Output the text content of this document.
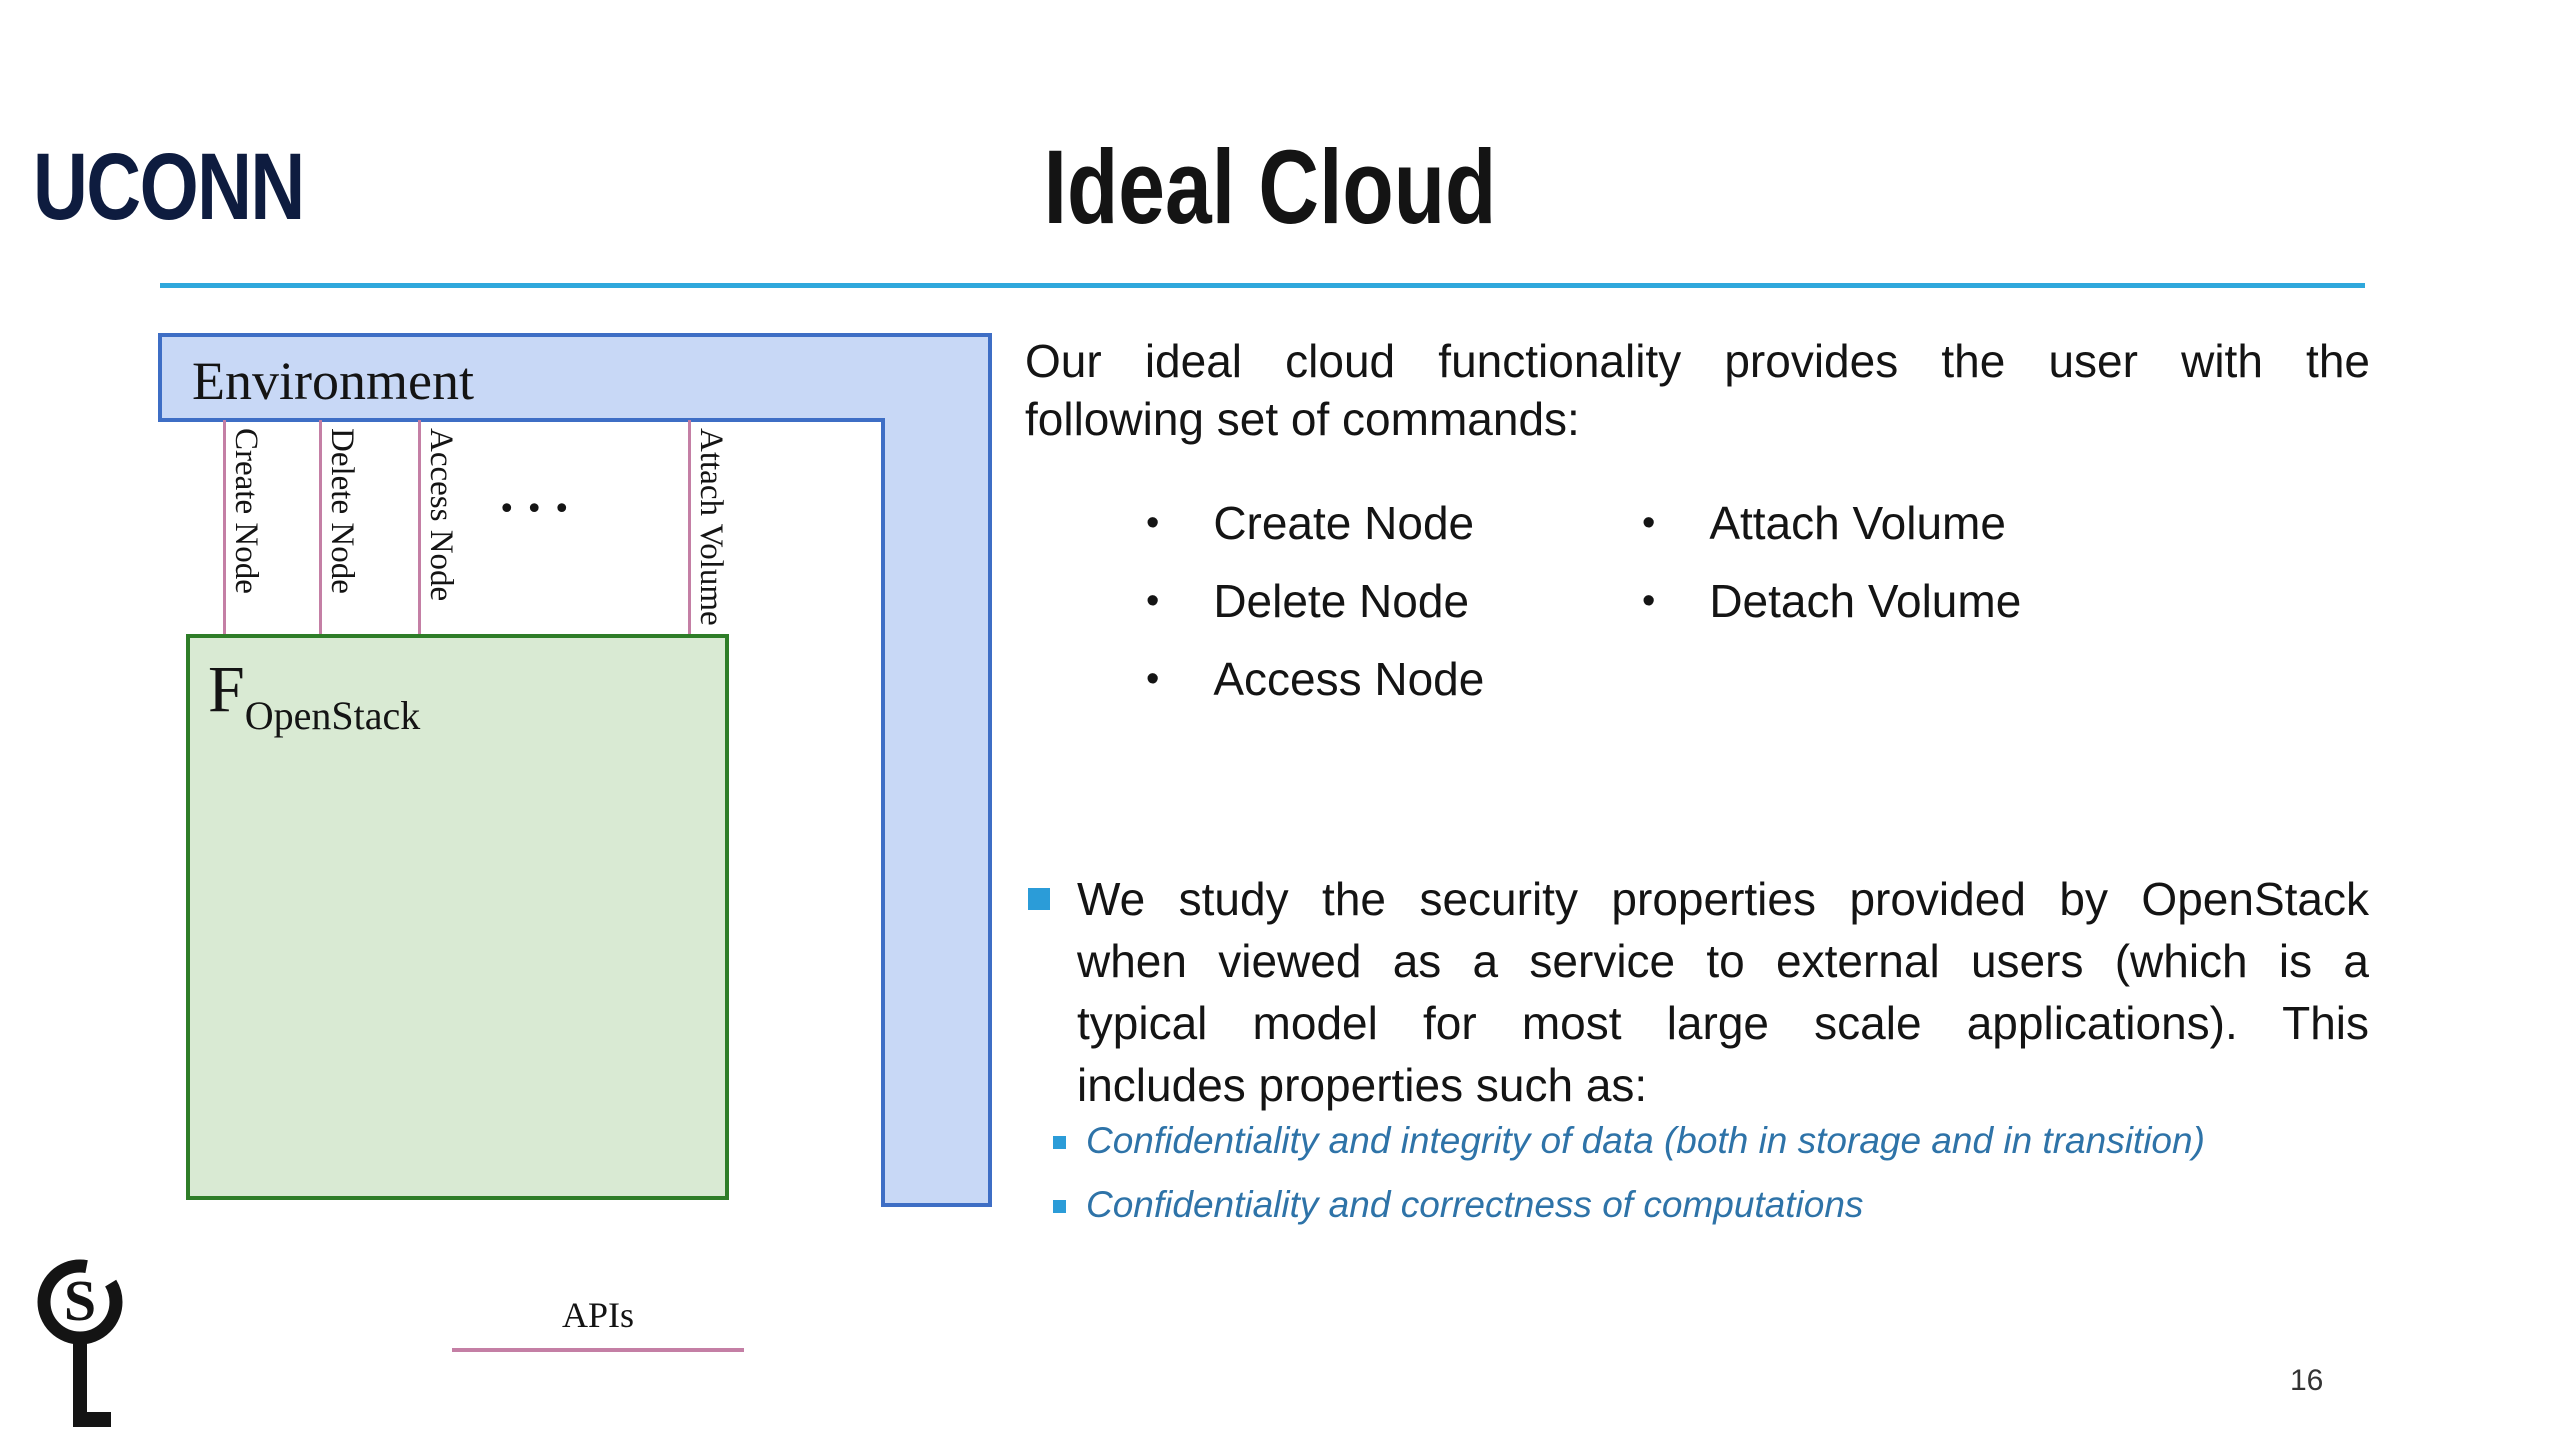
UCONN	Ideal Cloud
Environment
Create Node Delete Node Access Node	Attach Volume
...
$F_{OpenStack}$
APIs
S
Our ideal cloud functionality provides the user with the
following set of commands:
• Create Node
• Delete Node
• Access Node
• Attach Volume
• Detach Volume
We study the security properties provided by OpenStack
when viewed as a service to external users (which is a
typical model for most large scale applications). This
includes properties such as:
Confidentiality and integrity of data (both in storage and in transition)
Confidentiality and correctness of computations
16
